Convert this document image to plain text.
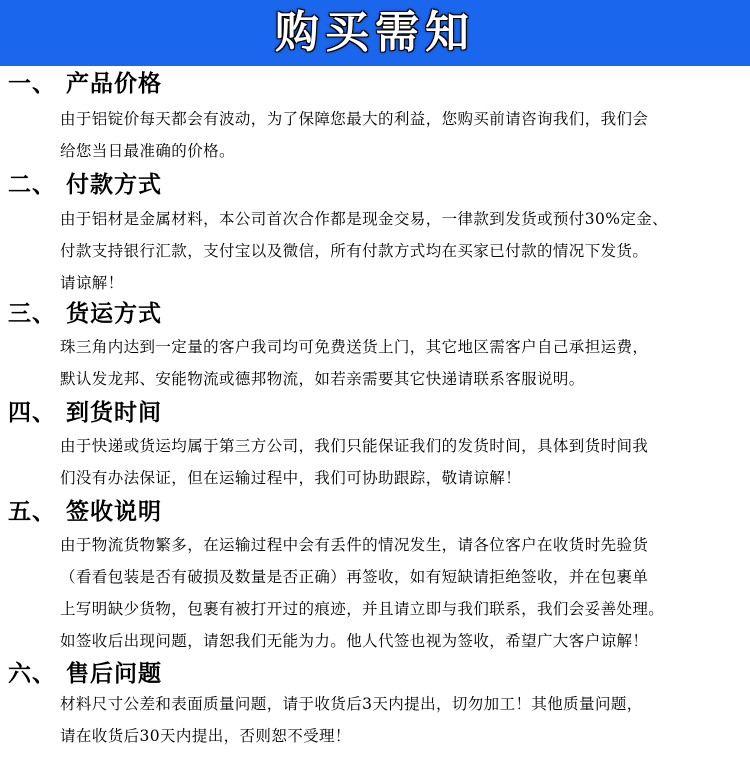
购买需知
一、 产品价格
由于铝锭价每天都会有波动，为了保障您最大的利益，您购买前请咨询我们，我们会
给您当日最准确的价格。
二、 付款方式
由于铝材是金属材料，本公司首次合作都是现金交易，一律款到发货或预付30%定金、
付款支持银行汇款，支付宝以及微信，所有付款方式均在买家已付款的情况下发货。
请谅解！
三、 货运方式
珠三角内达到一定量的客户我司均可免费送货上门，其它地区需客户自己承担运费，
默认发龙邦、安能物流或德邦物流，如若亲需要其它快递请联系客服说明。
四、 到货时间
由于快递或货运均属于第三方公司，我们只能保证我们的发货时间，具体到货时间我
们没有办法保证，但在运输过程中，我们可协助跟踪，敬请谅解！
五、 签收说明
由于物流货物繁多，在运输过程中会有丢件的情况发生，请各位客户在收货时先验货
（看看包装是否有破损及数量是否正确）再签收，如有短缺请拒绝签收，并在包裹单
上写明缺少货物，包裹有被打开过的痕迹，并且请立即与我们联系，我们会妥善处理。
如签收后出现问题，请恕我们无能为力。他人代签也视为签收，希望广大客户谅解！
六、 售后问题
材料尺寸公差和表面质量问题，请于收货后3天内提出，切勿加工！其他质量问题，
请在收货后30天内提出，否则恕不受理！
